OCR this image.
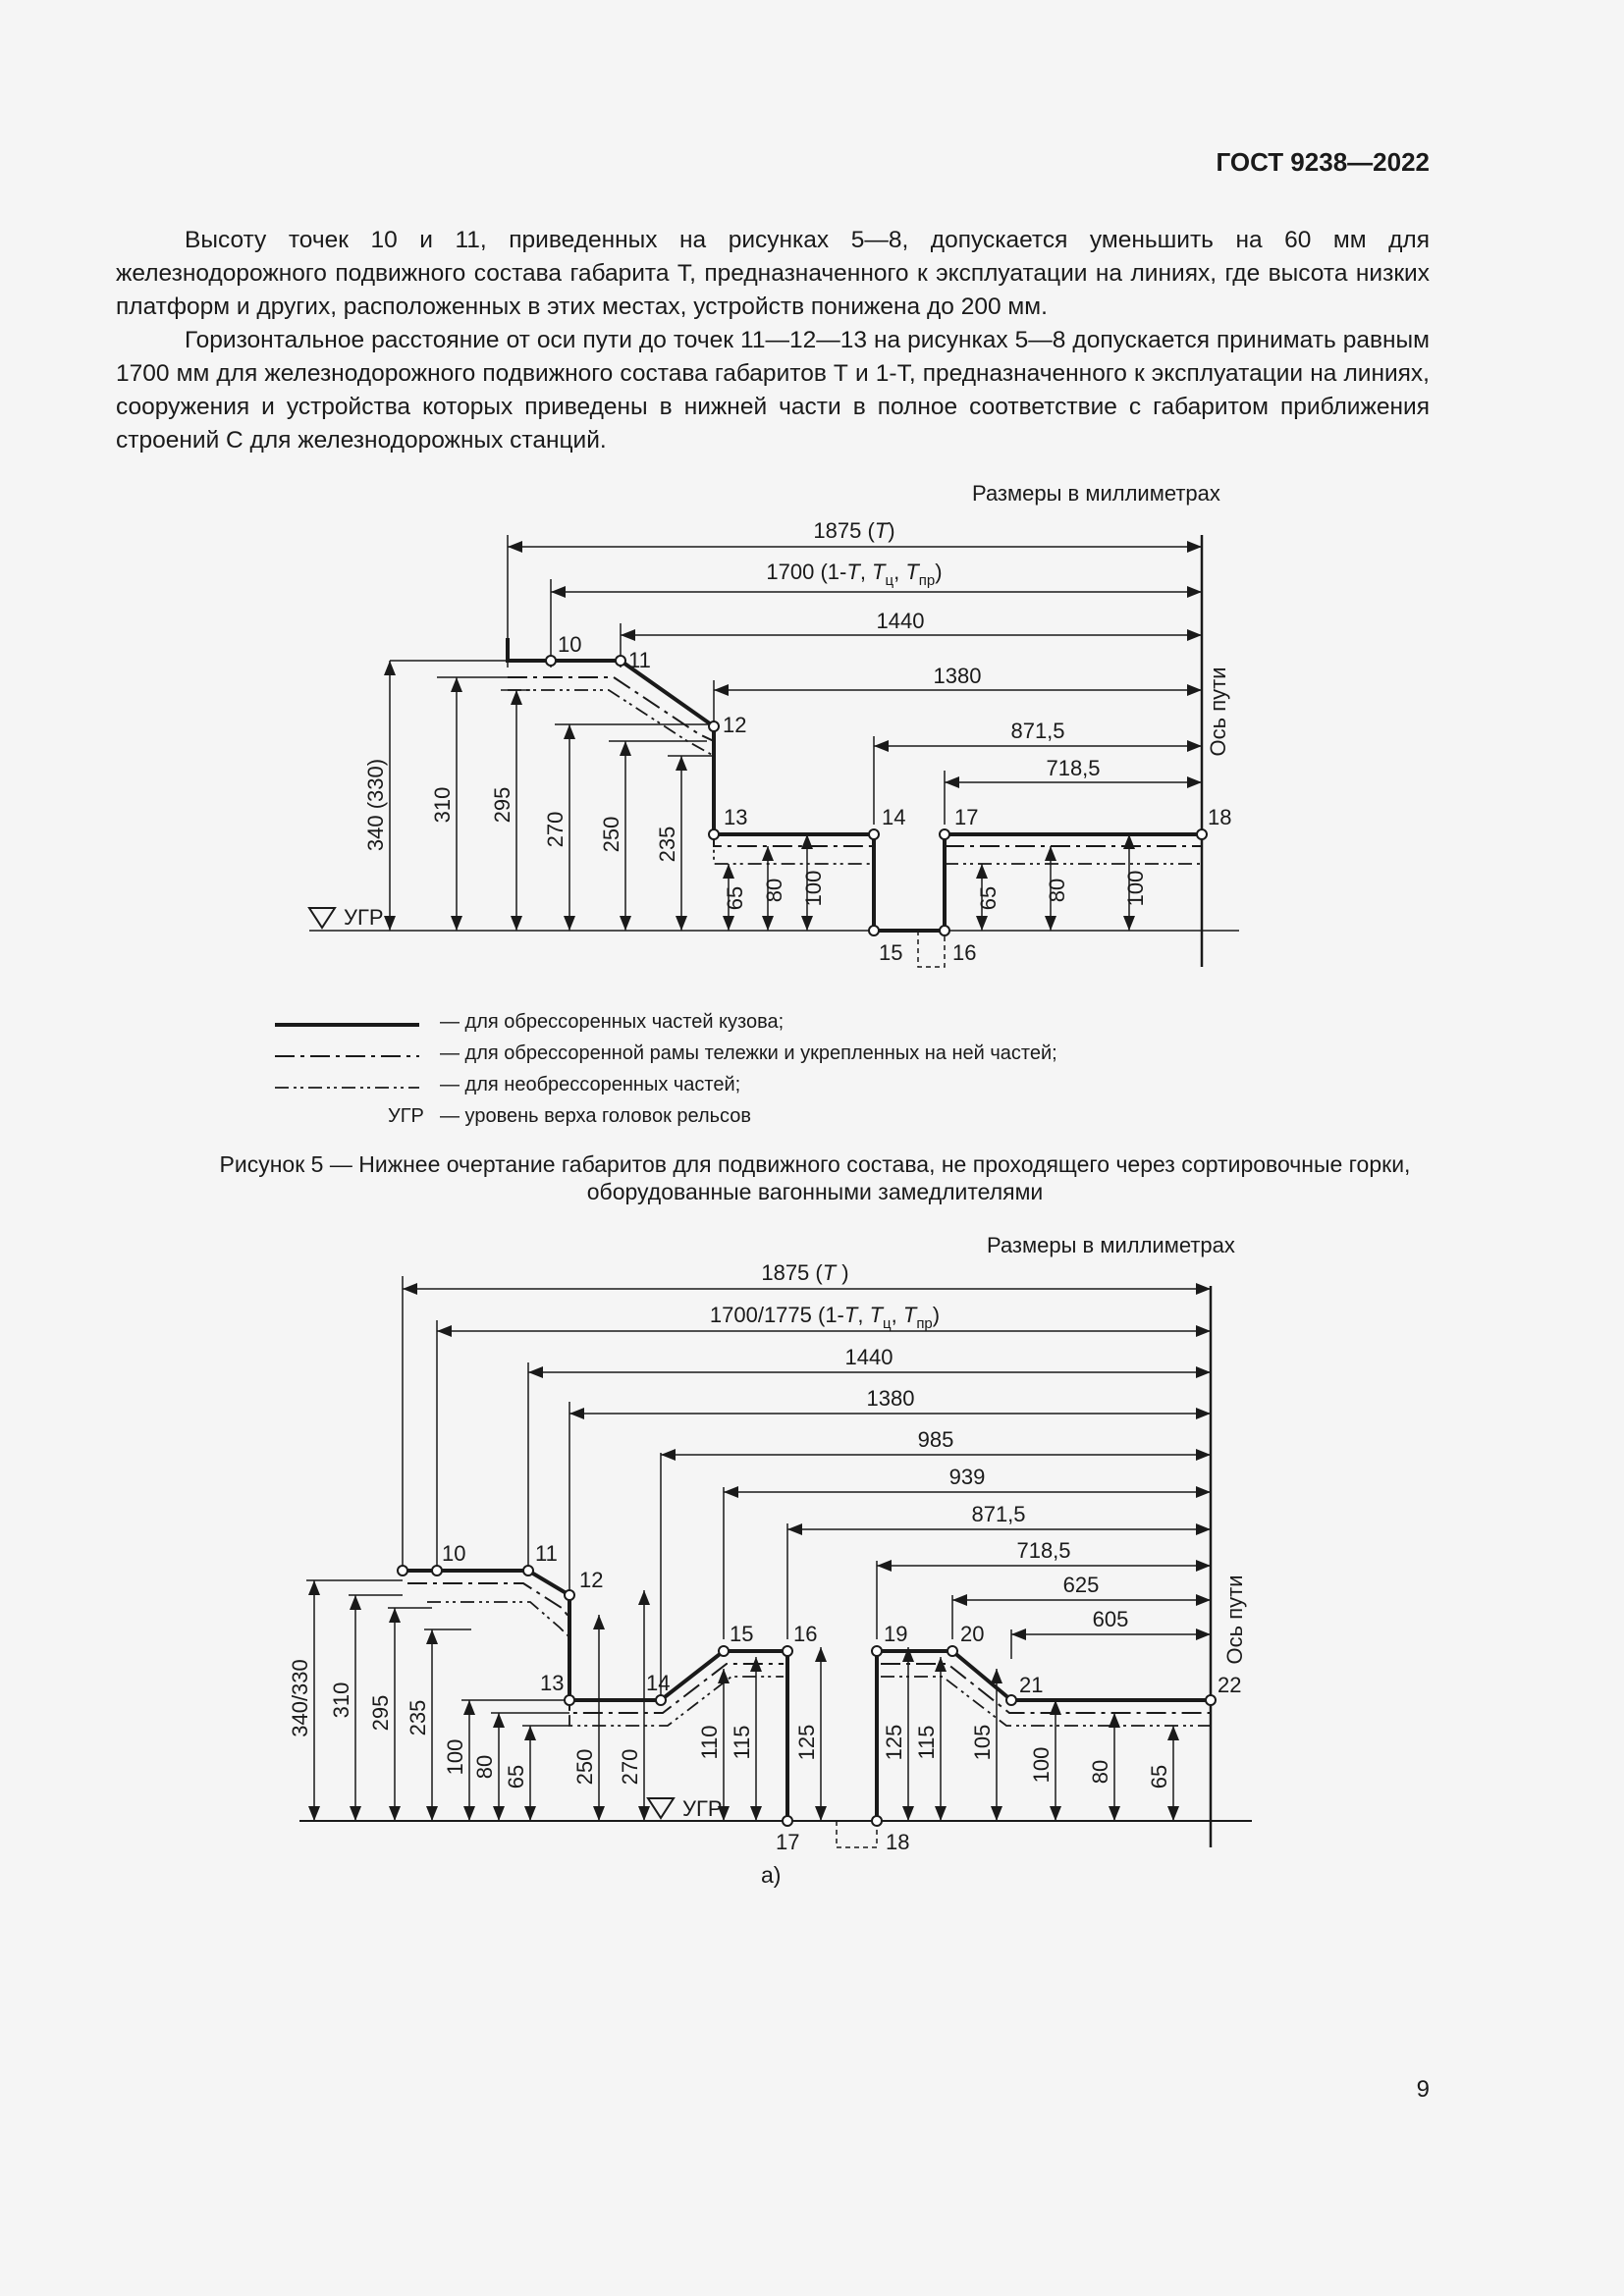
ГОСТ 9238—2022

Высоту точек 10 и 11, приведенных на рисунках 5—8, допускается уменьшить на 60 мм для железнодорожного подвижного состава габарита Т, предназначенного к эксплуатации на линиях, где высота низких платформ и других, расположенных в этих местах, устройств понижена до 200 мм.

Горизонтальное расстояние от оси пути до точек 11—12—13 на рисунках 5—8 допускается принимать равным 1700 мм для железнодорожного подвижного состава габаритов Т и 1-Т, предназначенного к эксплуатации на линиях, сооружения и устройства которых приведены в нижней части в полное соответствие с габаритом приближения строений С для железнодорожных станций.

Размеры в миллиметрах
1875 (T)
1700 (1-T, $T_ц$, $T_{пр}$)
1440
1380
871,5
718,5
10
11
12
13	14
15 16
17	18
УГР
340 (330) 310 295
270 250 235
65 80 100	65 80	100
Ось пути
— для обрессоренных частей кузова;
— для обрессоренной рамы тележки и укрепленных на ней частей;
— для необрессоренных частей;
УГР — уровень верха головок рельсов
Рисунок 5 — Нижнее очертание габаритов для подвижного состава, не проходящего через сортировочные горки,
оборудованные вагонными замедлителями
Размеры в миллиметрах
1875 (T )
1700/1775 (1-T, $T_ц$, $T_{пр}$)
1440
1380
985
939
871,5
718,5
625
605
10	11
12
13	14
15 16
17	18
19 20
21	22
УГР
340/330 310 295 235
100 80 65 250 270
110 115 125	125 115 105
100 80 65
Ось пути
а)
9
